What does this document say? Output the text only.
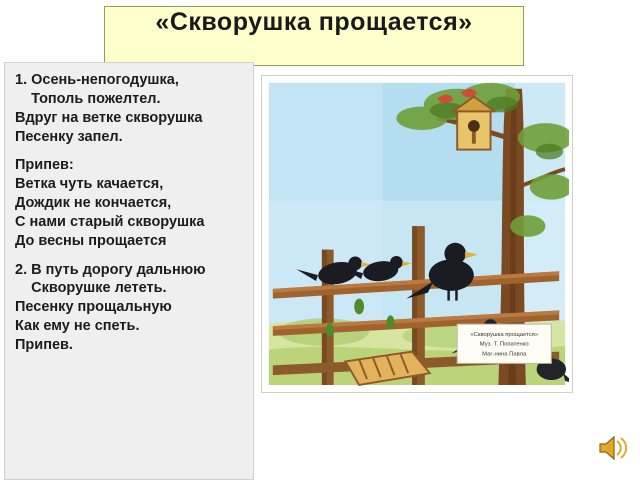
«Скворушка прощается»

1. Осень-непогодушка,

Тополь пожелтел.

Вдруг на ветке скворушка

Песенку запел.

Припев:

Ветка чуть качается,

Дождик не кончается,

С нами старый скворушка

До весны прощается

2. В путь дорогу дальнюю

Скворушке лететь.

Песенку прощальную

Как ему не спеть.

Припев.

«Скворушка прощается»
Муз. Т. Попатенко
Маг-нина Павла
